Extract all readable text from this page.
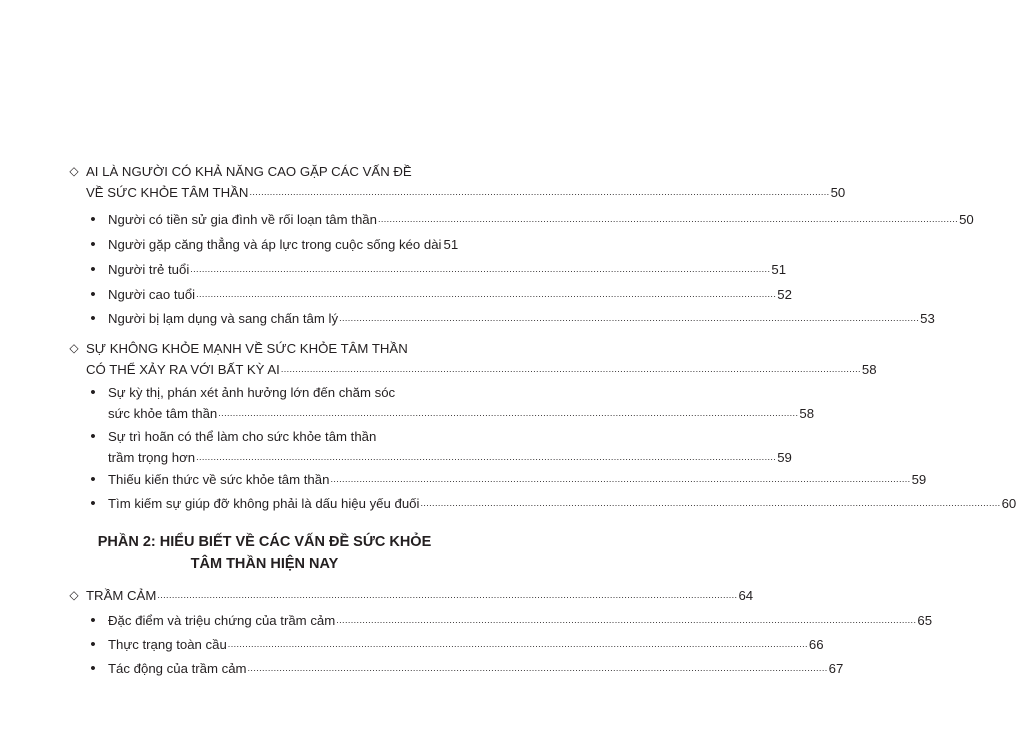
◇ AI LÀ NGƯỜI CÓ KHẢ NĂNG CAO GẶP CÁC VẤN ĐỀ
VỀ SỨC KHỎE TÂM THẦN ........................................................................................................................................................................................................ 50
• Người có tiền sử gia đình về rối loạn tâm thần ........................................................................................................................................................................................................ 50
• Người gặp căng thẳng và áp lực trong cuộc sống kéo dài 51
• Người trẻ tuổi ........................................................................................................................................................................................................ 51
• Người cao tuổi ........................................................................................................................................................................................................ 52
• Người bị lạm dụng và sang chấn tâm lý ........................................................................................................................................................................................................ 53
◇ SỰ KHÔNG KHỎE MẠNH VỀ SỨC KHỎE TÂM THẦN
CÓ THỂ XẢY RA VỚI BẤT KỲ AI ........................................................................................................................................................................................................ 58
• Sự kỳ thị, phán xét ảnh hưởng lớn đến chăm sóc
sức khỏe tâm thần ........................................................................................................................................................................................................ 58
• Sự trì hoãn có thể làm cho sức khỏe tâm thần
trầm trọng hơn ........................................................................................................................................................................................................ 59
• Thiếu kiến thức về sức khỏe tâm thần ........................................................................................................................................................................................................ 59
• Tìm kiếm sự giúp đỡ không phải là dấu hiệu yếu đuối ........................................................................................................................................................................................................ 60
◇ TRẦM CẢM ........................................................................................................................................................................................................ 64
• Đặc điểm và triệu chứng của trầm cảm ........................................................................................................................................................................................................ 65
• Thực trạng toàn cầu ........................................................................................................................................................................................................ 66
• Tác động của trầm cảm ........................................................................................................................................................................................................ 67
PHẦN 2: HIỂU BIẾT VỀ CÁC VẤN ĐỀ SỨC KHỎE
TÂM THẦN HIỆN NAY
